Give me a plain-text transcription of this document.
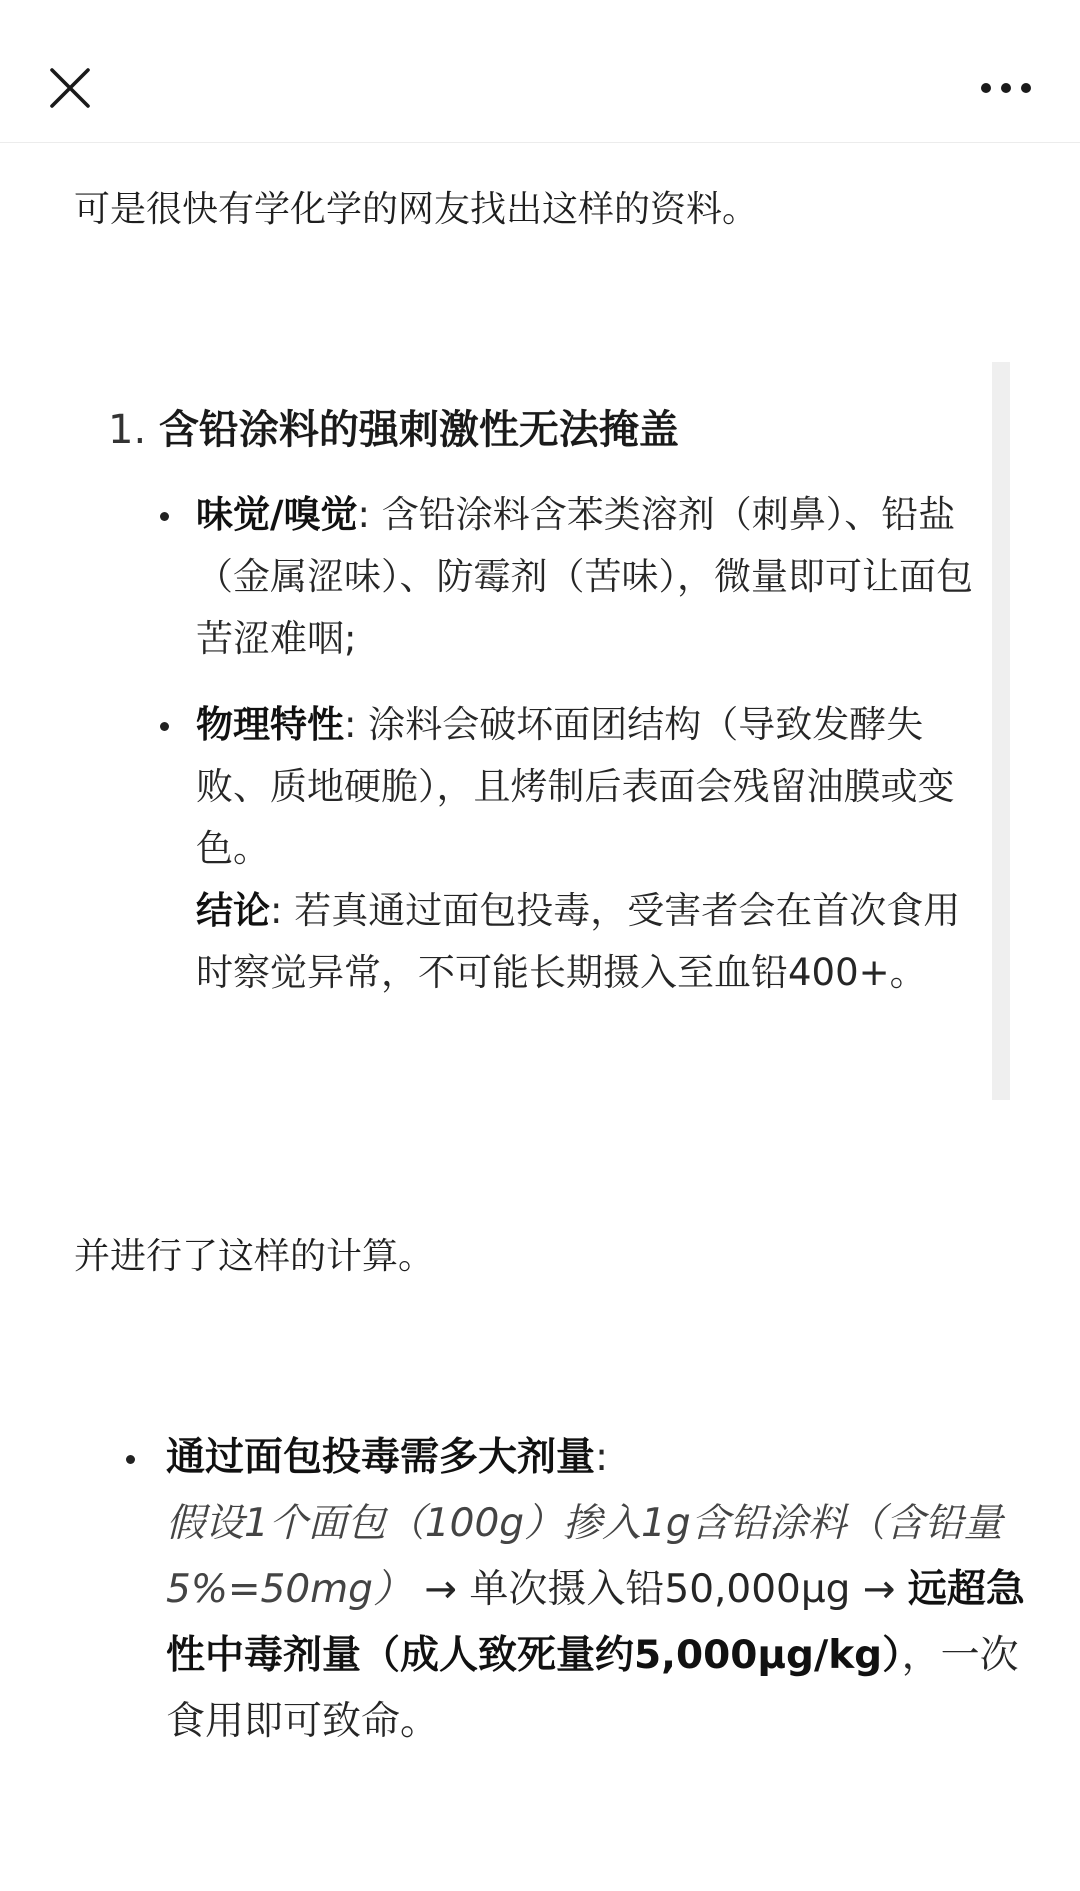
可是很快有学化学的网友找出这样的资料。

1. 含铅涂料的强刺激性无法掩盖

味觉/嗅觉: 含铅涂料含苯类溶剂（刺鼻）、铅盐（金属涩味）、防霉剂（苦味），微量即可让面包苦涩难咽;
物理特性: 涂料会破坏面团结构（导致发酵失败、质地硬脆），且烤制后表面会残留油膜或变色。
结论: 若真通过面包投毒，受害者会在首次食用时察觉异常，不可能长期摄入至血铅400+。

并进行了这样的计算。

通过面包投毒需多大剂量:
假设1个面包（100g）掺入1g含铅涂料（含铅量5%=50mg） → 单次摄入铅50,000μg → 远超急性中毒剂量（成人致死量约5,000μg/kg），一次食用即可致命。
